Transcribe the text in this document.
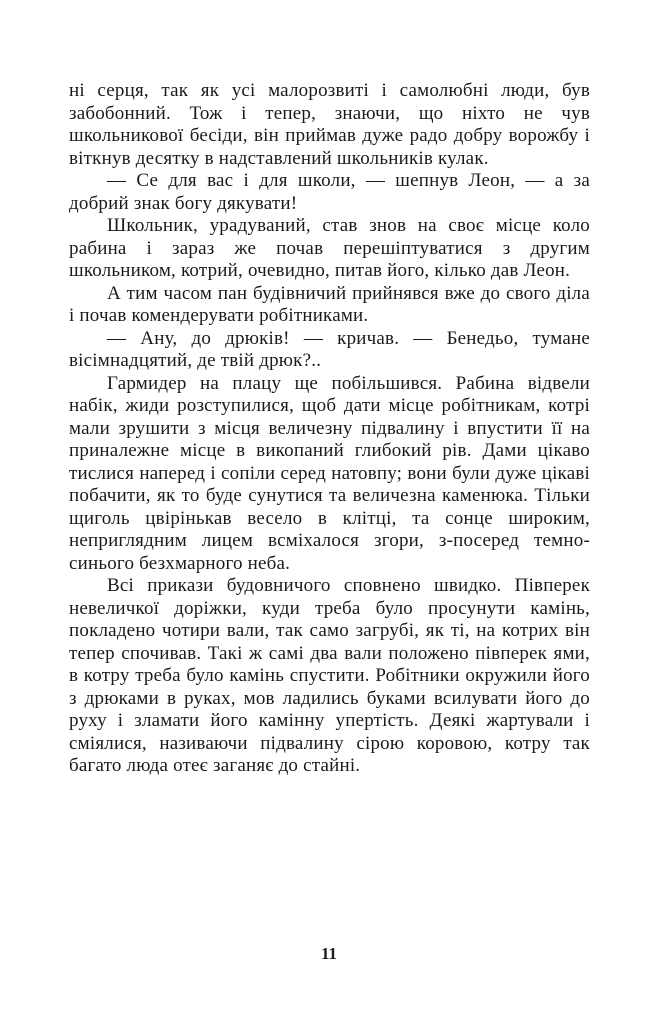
ні серця, так як усі малорозвиті і самолюбні люди, був забобонний. Тож і тепер, знаючи, що ніхто не чув школьникової бесіди, він приймав дуже радо добру ворожбу і віткнув десятку в надставлений школьників кулак.

— Се для вас і для школи, — шепнув Леон, — а за добрий знак богу дякувати!

Школьник, урадуваний, став знов на своє місце коло рабина і зараз же почав перешіптуватися з другим школьником, котрий, очевидно, питав його, кілько дав Леон.

А тим часом пан будівничий прийнявся вже до свого діла і почав комендерувати робітниками.

— Ану, до дрюків! — кричав. — Бенедьо, тумане вісімнадцятий, де твій дрюк?..

Гармидер на плацу ще побільшився. Рабина відвели набік, жиди розступилися, щоб дати місце робітникам, котрі мали зрушити з місця величезну підвалину і впустити її на приналежне місце в викопаний глибокий рів. Дами цікаво тислися наперед і сопіли серед натовпу; вони були дуже цікаві побачити, як то буде сунутися та величезна каменюка. Тільки щиголь цвірінькав весело в клітці, та сонце широким, неприглядним лицем всміхалося згори, з-посеред темно-синього безхмарного неба.

Всі прикази будовничого сповнено швидко. Півперек невеличкої доріжки, куди треба було просунути камінь, покладено чотири вали, так само загрубі, як ті, на котрих він тепер спочивав. Такі ж самі два вали положено півперек ями, в котру треба було камінь спустити. Робітники окружили його з дрюками в руках, мов ладились буками всилувати його до руху і зламати його камінну упертість. Деякі жартували і сміялися, називаючи підвалину сірою коровою, котру так багато люда отеє заганяє до стайні.

11
